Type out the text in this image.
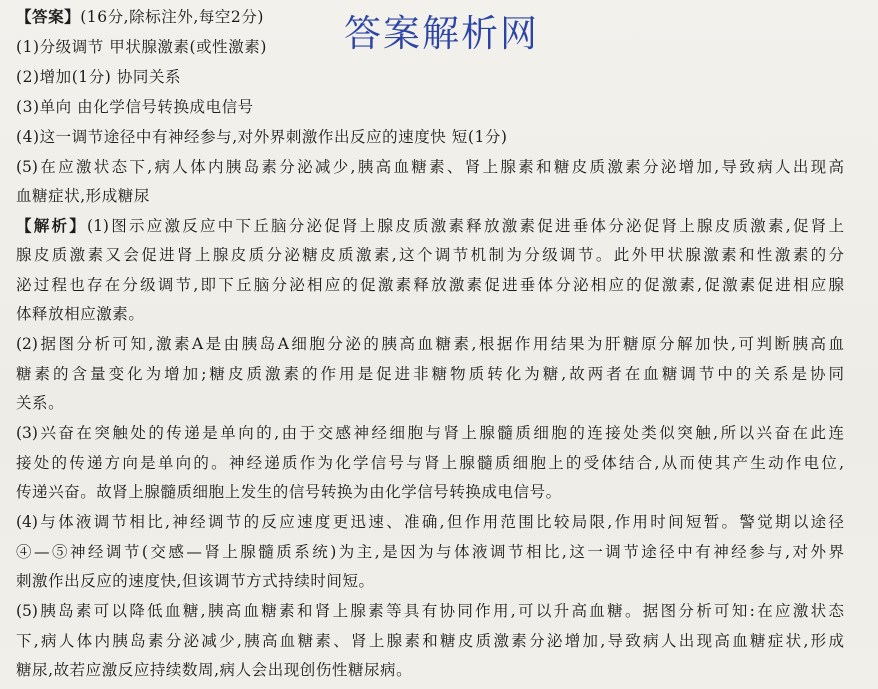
答案解析网
【答案】(16分,除标注外,每空2分)
(1)分级调节 甲状腺激素(或性激素)
(2)增加(1分) 协同关系
(3)单向 由化学信号转换成电信号
(4)这一调节途径中有神经参与,对外界刺激作出反应的速度快 短(1分)
(5)在应激状态下,病人体内胰岛素分泌减少,胰高血糖素、肾上腺素和糖皮质激素分泌增加,导致病人出现高
血糖症状,形成糖尿
【解析】(1)图示应激反应中下丘脑分泌促肾上腺皮质激素释放激素促进垂体分泌促肾上腺皮质激素,促肾上
腺皮质激素又会促进肾上腺皮质分泌糖皮质激素,这个调节机制为分级调节。此外甲状腺激素和性激素的分
泌过程也存在分级调节,即下丘脑分泌相应的促激素释放激素促进垂体分泌相应的促激素,促激素促进相应腺
体释放相应激素。
(2)据图分析可知,激素A是由胰岛A细胞分泌的胰高血糖素,根据作用结果为肝糖原分解加快,可判断胰高血
糖素的含量变化为增加;糖皮质激素的作用是促进非糖物质转化为糖,故两者在血糖调节中的关系是协同
关系。
(3)兴奋在突触处的传递是单向的,由于交感神经细胞与肾上腺髓质细胞的连接处类似突触,所以兴奋在此连
接处的传递方向是单向的。神经递质作为化学信号与肾上腺髓质细胞上的受体结合,从而使其产生动作电位,
传递兴奋。故肾上腺髓质细胞上发生的信号转换为由化学信号转换成电信号。
(4)与体液调节相比,神经调节的反应速度更迅速、准确,但作用范围比较局限,作用时间短暂。警觉期以途径
④—⑤神经调节(交感—肾上腺髓质系统)为主,是因为与体液调节相比,这一调节途径中有神经参与,对外界
刺激作出反应的速度快,但该调节方式持续时间短。
(5)胰岛素可以降低血糖,胰高血糖素和肾上腺素等具有协同作用,可以升高血糖。据图分析可知:在应激状态
下,病人体内胰岛素分泌减少,胰高血糖素、肾上腺素和糖皮质激素分泌增加,导致病人出现高血糖症状,形成
糖尿,故若应激反应持续数周,病人会出现创伤性糖尿病。
